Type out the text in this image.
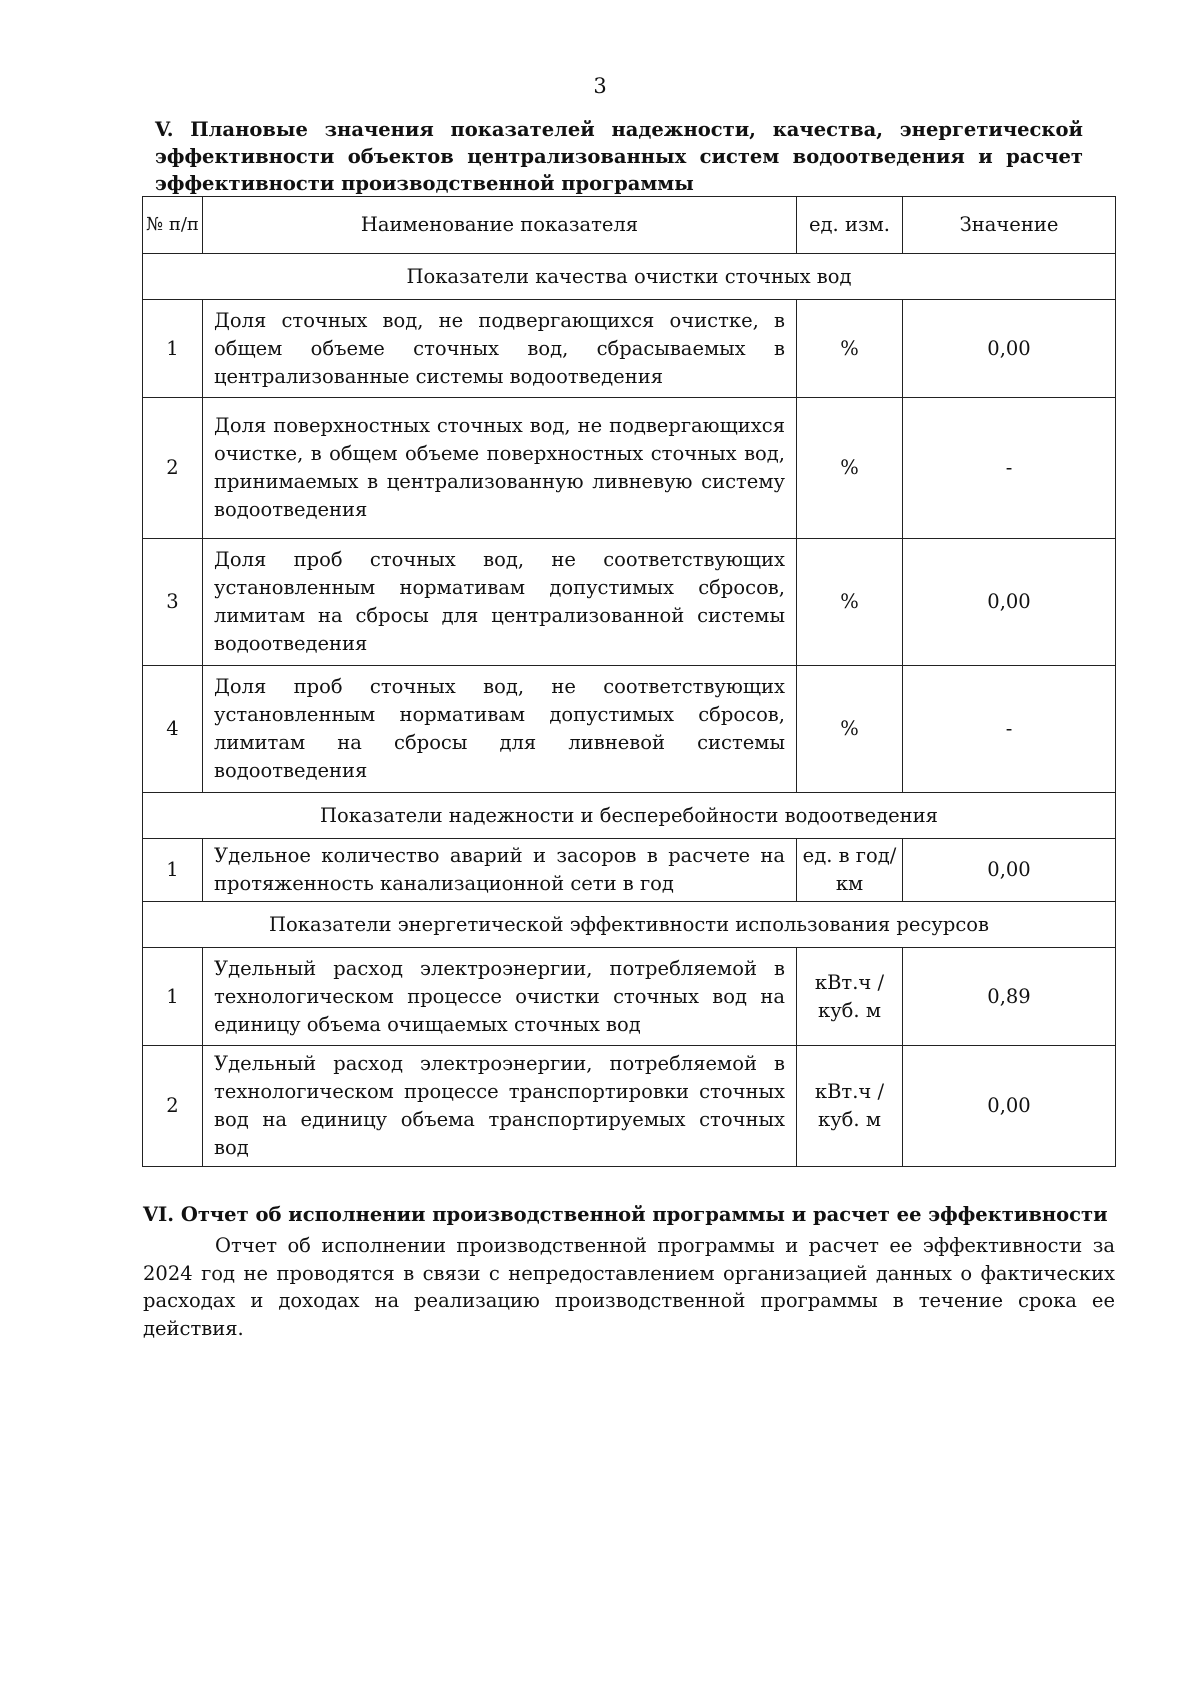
3
V. Плановые значения показателей надежности, качества, энергетической эффективности объектов централизованных систем водоотведения и расчет эффективности производственной программы
№ п/п	Наименование показателя	ед. изм.	Значение
Показатели качества очистки сточных вод			
1	Доля сточных вод, не подвергающихся очистке, в общем объеме сточных вод, сбрасываемых в централизованные системы водоотведения	%	0,00
2	Доля поверхностных сточных вод, не подвергающихся очистке, в общем объеме поверхностных сточных вод, принимаемых в централизованную ливневую систему водоотведения	%	-
3	Доля проб сточных вод, не соответствующих установленным нормативам допустимых сбросов, лимитам на сбросы для централизованной системы водоотведения	%	0,00
4	Доля проб сточных вод, не соответствующих установленным нормативам допустимых сбросов, лимитам на сбросы для ливневой системы водоотведения	%	-
Показатели надежности и бесперебойности водоотведения			
1	Удельное количество аварий и засоров в расчете на протяженность канализационной сети в год	ед. в год/ км	0,00
Показатели энергетической эффективности использования ресурсов			
1	Удельный расход электроэнергии, потребляемой в технологическом процессе очистки сточных вод на единицу объема очищаемых сточных вод	кВт.ч / куб. м	0,89
2	Удельный расход электроэнергии, потребляемой в технологическом процессе транспортировки сточных вод на единицу объема транспортируемых сточных вод	кВт.ч / куб. м	0,00
VI. Отчет об исполнении производственной программы и расчет ее эффективности
Отчет об исполнении производственной программы и расчет ее эффективности за 2024 год не проводятся в связи с непредоставлением организацией данных о фактических расходах и доходах на реализацию производственной программы в течение срока ее действия.
